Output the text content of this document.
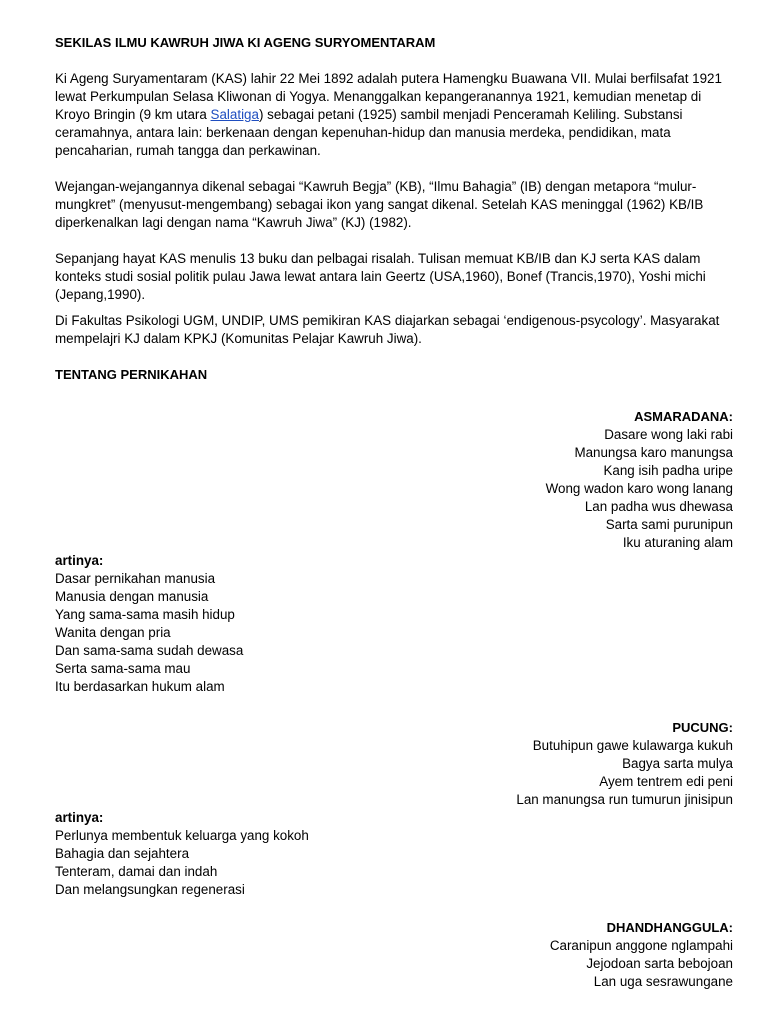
SEKILAS ILMU KAWRUH JIWA KI AGENG SURYOMENTARAM

Ki Ageng Suryamentaram (KAS) lahir 22 Mei 1892 adalah putera Hamengku Buawana VII. Mulai berfilsafat 1921 lewat Perkumpulan Selasa Kliwonan di Yogya. Menanggalkan kepangeranannya 1921, kemudian menetap di Kroyo Bringin (9 km utara Salatiga) sebagai petani (1925) sambil menjadi Penceramah Keliling. Substansi ceramahnya, antara lain: berkenaan dengan kepenuhan-hidup dan manusia merdeka, pendidikan, mata pencaharian, rumah tangga dan perkawinan.

Wejangan-wejangannya dikenal sebagai “Kawruh Begja” (KB), “Ilmu Bahagia” (IB) dengan metapora “mulur-mungkret” (menyusut-mengembang) sebagai ikon yang sangat dikenal. Setelah KAS meninggal (1962) KB/IB diperkenalkan lagi dengan nama “Kawruh Jiwa” (KJ) (1982).

Sepanjang hayat KAS menulis 13 buku dan pelbagai risalah. Tulisan memuat KB/IB dan KJ serta KAS dalam konteks studi sosial politik pulau Jawa lewat antara lain Geertz (USA,1960), Bonef (Trancis,1970), Yoshi michi (Jepang,1990).

Di Fakultas Psikologi UGM, UNDIP, UMS pemikiran KAS diajarkan sebagai ‘endigenous-psycology’. Masyarakat mempelajri KJ dalam KPKJ (Komunitas Pelajar Kawruh Jiwa).

TENTANG PERNIKAHAN

ASMARADANA:
Dasare wong laki rabi
Manungsa karo manungsa
Kang isih padha uripe
Wong wadon karo wong lanang
Lan padha wus dhewasa
Sarta sami purunipun
Iku aturaning alam
artinya:
Dasar pernikahan manusia
Manusia dengan manusia
Yang sama-sama masih hidup
Wanita dengan pria
Dan sama-sama sudah dewasa
Serta sama-sama mau
Itu berdasarkan hukum alam
PUCUNG:
Butuhipun gawe kulawarga kukuh
Bagya sarta mulya
Ayem tentrem edi peni
Lan manungsa run tumurun jinisipun
artinya:
Perlunya membentuk keluarga yang kokoh
Bahagia dan sejahtera
Tenteram, damai dan indah
Dan melangsungkan regenerasi
DHANDHANGGULA:
Caranipun anggone nglampahi
Jejodoan sarta bebojoan
Lan uga sesrawungane
